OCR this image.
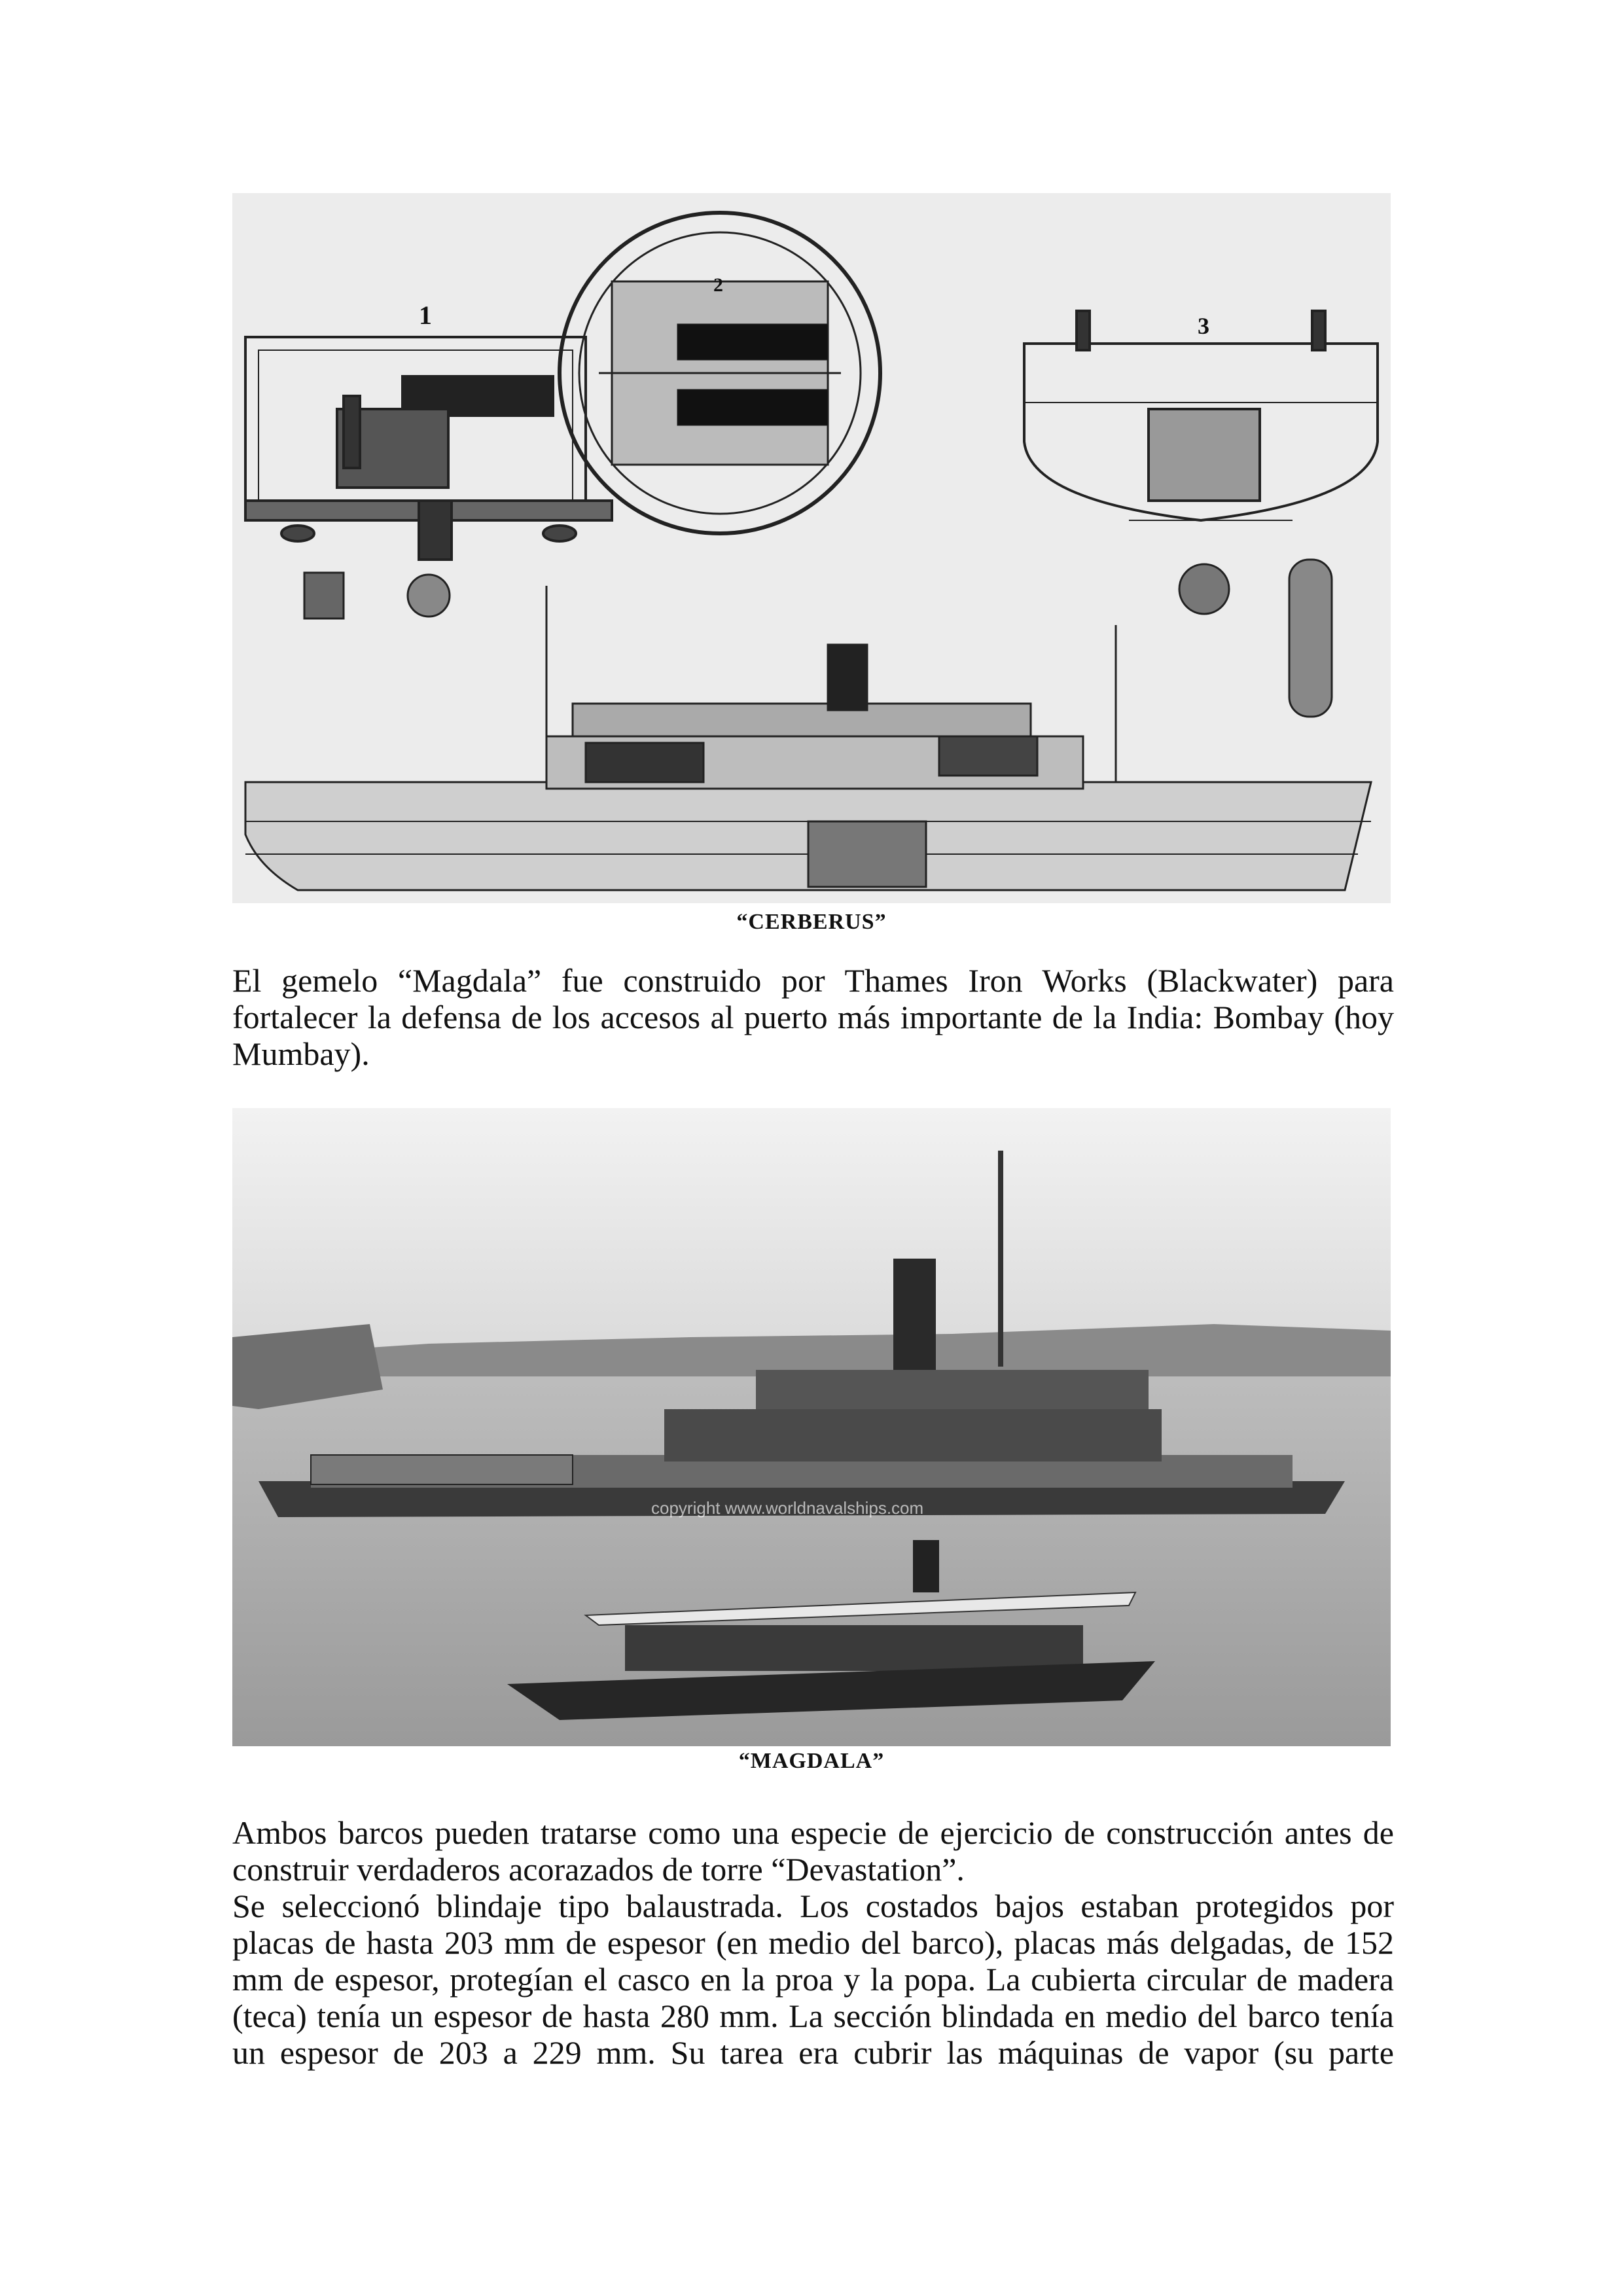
1
2
3
“CERBERUS”

El gemelo “Magdala” fue construido por Thames Iron Works (Blackwater) para
fortalecer la defensa de los accesos al puerto más importante de la India: Bombay (hoy
Mumbay).

copyright www.worldnavalships.com
“MAGDALA”

Ambos barcos pueden tratarse como una especie de ejercicio de construcción antes de
construir verdaderos acorazados de torre “Devastation”.
Se seleccionó blindaje tipo balaustrada. Los costados bajos estaban protegidos por
placas de hasta 203 mm de espesor (en medio del barco), placas más delgadas, de 152
mm de espesor, protegían el casco en la proa y la popa. La cubierta circular de madera
(teca) tenía un espesor de hasta 280 mm. La sección blindada en medio del barco tenía
un espesor de 203 a 229 mm. Su tarea era cubrir las máquinas de vapor (su parte
